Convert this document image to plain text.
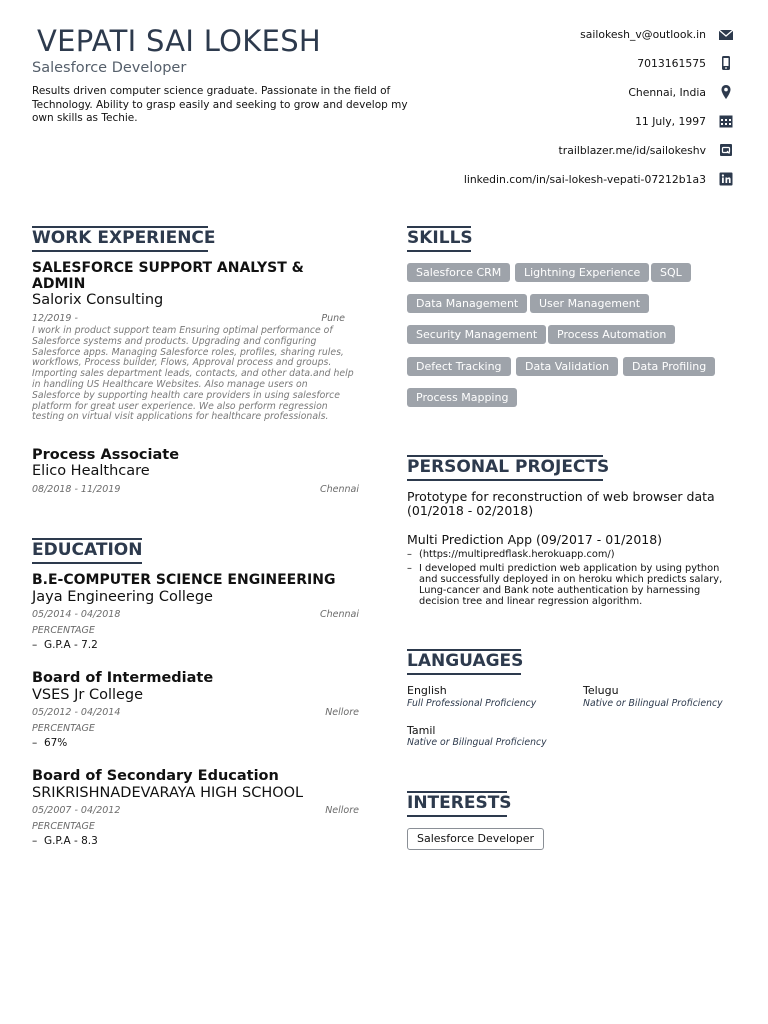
VEPATI SAI LOKESH
Salesforce Developer
Results driven computer science graduate. Passionate in the field of Technology. Ability to grasp easily and seeking to grow and develop my own skills as Techie.
sailokesh_v@outlook.in
7013161575
Chennai, India
11 July, 1997
trailblazer.me/id/sailokeshv
linkedin.com/in/sai-lokesh-vepati-07212b1a3
WORK EXPERIENCE
SALESFORCE SUPPORT ANALYST & ADMIN
Salorix Consulting
12/2019 -	Pune
I work in product support team Ensuring optimal performance of Salesforce systems and products. Upgrading and configuring Salesforce apps. Managing Salesforce roles, profiles, sharing rules, workflows, Process builder, Flows, Approval process and groups. Importing sales department leads, contacts, and other data.and help in handling US Healthcare Websites. Also manage users on Salesforce by supporting health care providers in using salesforce platform for great user experience. We also perform regression testing on virtual visit applications for healthcare professionals.
Process Associate
Elico Healthcare
08/2018 - 11/2019	Chennai
EDUCATION
B.E-COMPUTER SCIENCE ENGINEERING
Jaya Engineering College
05/2014 - 04/2018	Chennai
PERCENTAGE
–  G.P.A - 7.2
Board of Intermediate
VSES Jr College
05/2012 - 04/2014	Nellore
PERCENTAGE
–  67%
Board of Secondary Education
SRIKRISHNADEVARAYA HIGH SCHOOL
05/2007 - 04/2012	Nellore
PERCENTAGE
–  G.P.A - 8.3
SKILLS
Salesforce CRM	Lightning Experience	SQL
Data Management	User Management
Security Management	Process Automation
Defect Tracking	Data Validation	Data Profiling
Process Mapping
PERSONAL PROJECTS
Prototype for reconstruction of web browser data (01/2018 - 02/2018)
Multi Prediction App (09/2017 - 01/2018)
– (https://multipredflask.herokuapp.com/)
– I developed multi prediction web application by using python and successfully deployed in on heroku which predicts salary, Lung-cancer and Bank note authentication by harnessing decision tree and linear regression algorithm.
LANGUAGES
English
Full Professional Proficiency
Telugu
Native or Bilingual Proficiency
Tamil
Native or Bilingual Proficiency
INTERESTS
Salesforce Developer
